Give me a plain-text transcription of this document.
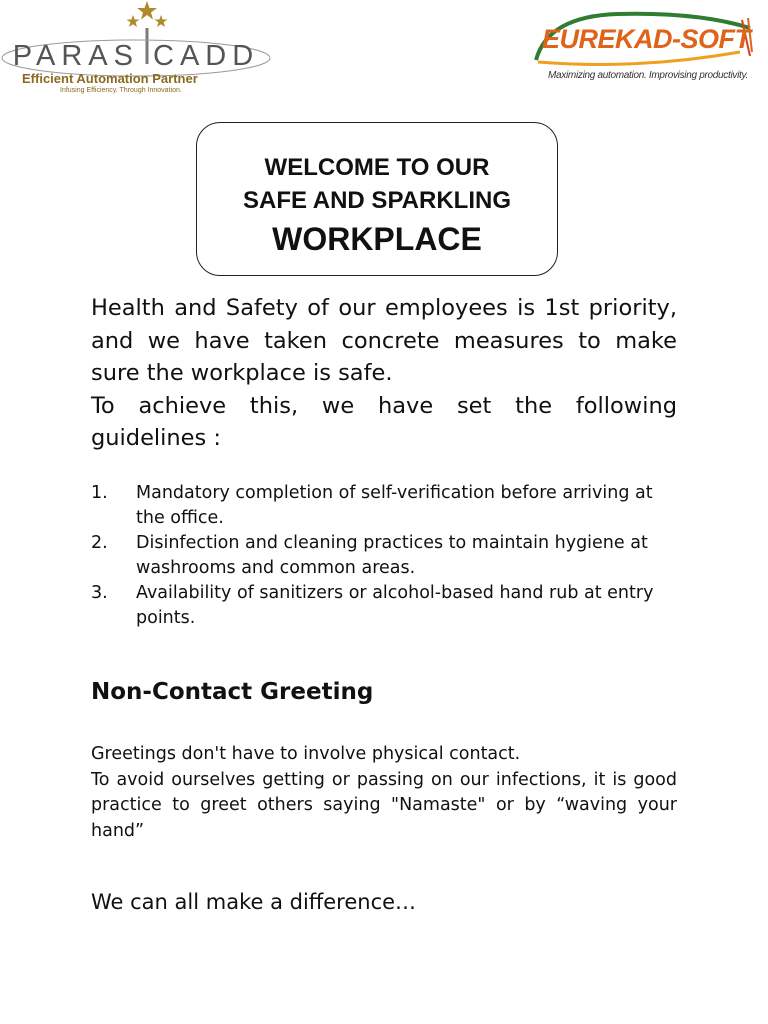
PARAS CADD
Efficient Automation Partner
Infusing Efficiency. Through Innovation.
EUREKAD-SOFT
Maximizing automation. Improvising productivity.
WELCOME TO OUR
SAFE AND SPARKLING
WORKPLACE

Health and Safety of our employees is 1st priority, and we have taken concrete measures to make sure the workplace is safe.

To achieve this, we have set the following guidelines :

1. Mandatory completion of self-verification before arriving at the office.
2. Disinfection and cleaning practices to maintain hygiene at washrooms and common areas.
3. Availability of sanitizers or alcohol-based hand rub at entry points.
Non-Contact Greeting

Greetings don't have to involve physical contact.

To avoid ourselves getting or passing on our infections, it is good practice to greet others saying "Namaste" or by “waving your hand”

We can all make a difference…
